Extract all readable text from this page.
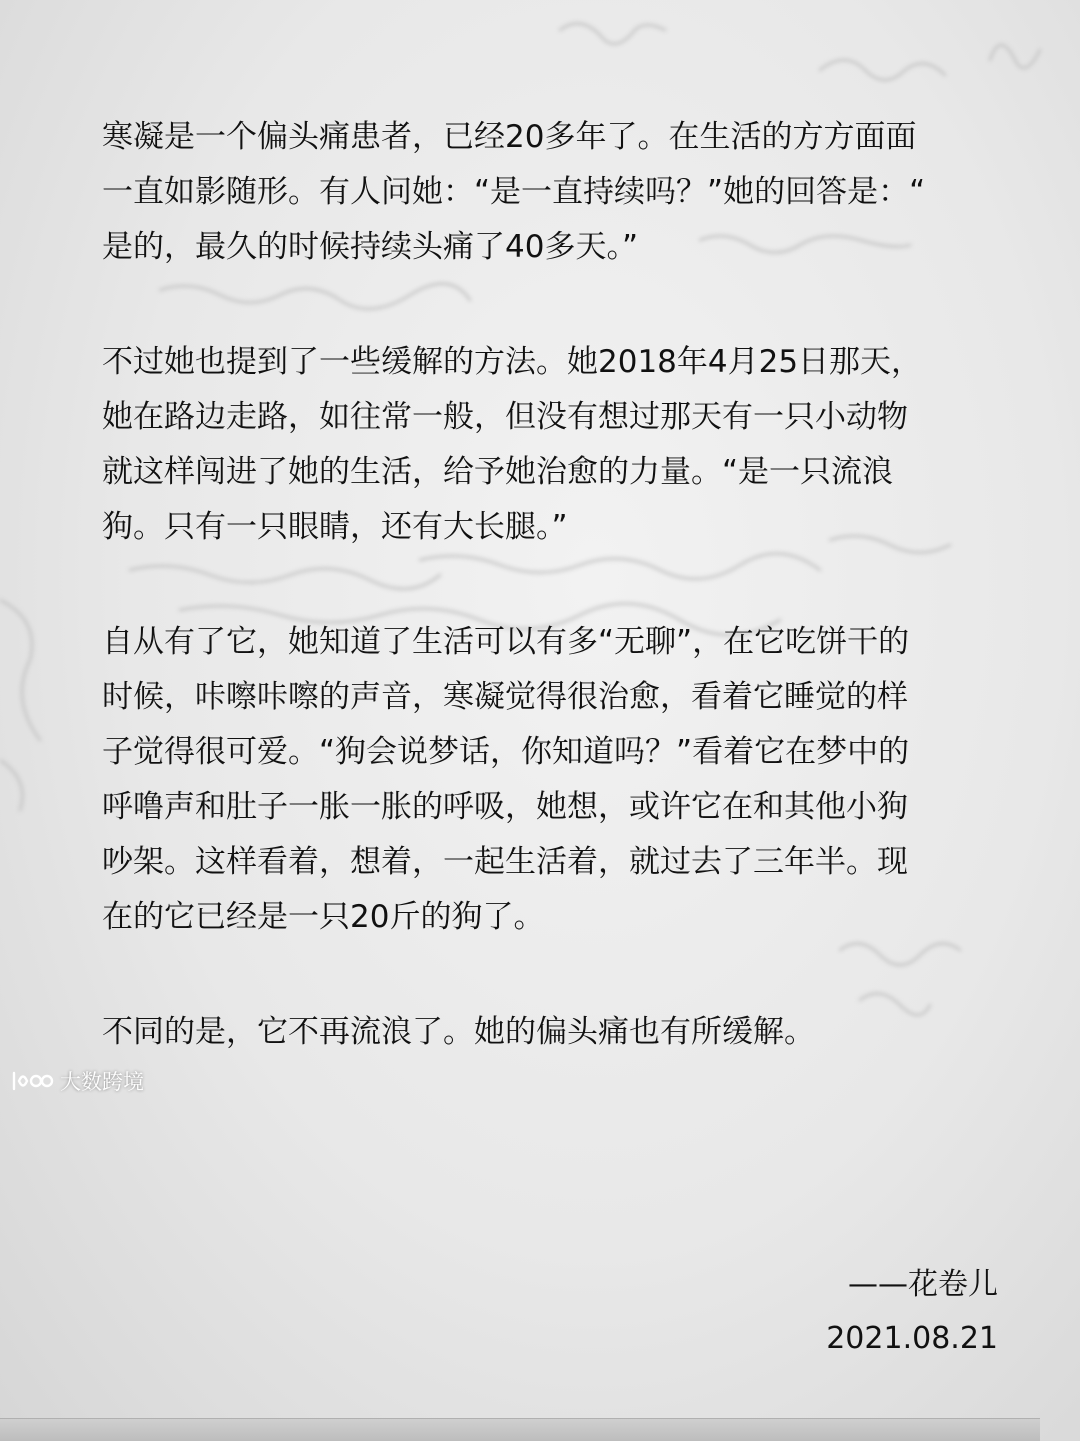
寒凝是一个偏头痛患者，已经20多年了。在生活的方方面面
一直如影随形。有人问她：“是一直持续吗？”她的回答是：“
是的，最久的时候持续头痛了40多天。”
不过她也提到了一些缓解的方法。她2018年4月25日那天，
她在路边走路，如往常一般，但没有想过那天有一只小动物
就这样闯进了她的生活，给予她治愈的力量。“是一只流浪
狗。只有一只眼睛，还有大长腿。”
自从有了它，她知道了生活可以有多“无聊”，在它吃饼干的
时候，咔嚓咔嚓的声音，寒凝觉得很治愈，看着它睡觉的样
子觉得很可爱。“狗会说梦话，你知道吗？”看着它在梦中的
呼噜声和肚子一胀一胀的呼吸，她想，或许它在和其他小狗
吵架。这样看着，想着，一起生活着，就过去了三年半。现
在的它已经是一只20斤的狗了。
不同的是，它不再流浪了。她的偏头痛也有所缓解。
——花卷儿
2021.08.21
大数跨境
